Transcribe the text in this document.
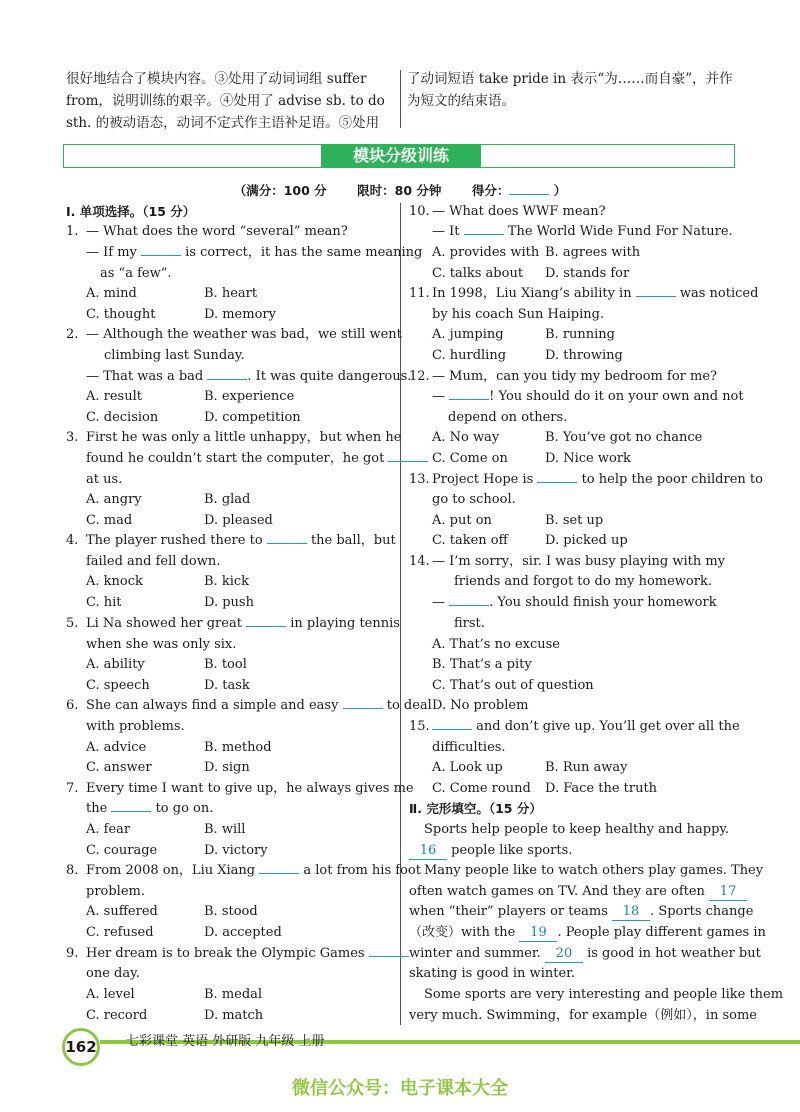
很好地结合了模块内容。③处用了动词词组 suffer
from，说明训练的艰辛。④处用了 advise sb. to do
sth. 的被动语态，动词不定式作主语补足语。⑤处用
了动词短语 take pride in 表示“为……而自豪”，并作
为短文的结束语。
模块分级训练
（满分：100 分 限时：80 分钟 得分：	）
Ⅰ. 单项选择。（15 分）
1. — What does the word “several” mean?
— If my	is correct，it has the same meaning
as “a few”.
A. mind	B. heart
C. thought	D. memory
2. — Although the weather was bad，we still went
climbing last Sunday.
— That was a bad	. It was quite dangerous.
A. result	B. experience
C. decision	D. competition
3. First he was only a little unhappy，but when he
found he couldn’t start the computer，he got
at us.
A. angry	B. glad
C. mad	D. pleased
4. The player rushed there to	the ball，but
failed and fell down.
A. knock	B. kick
C. hit	D. push
5. Li Na showed her great	in playing tennis
when she was only six.
A. ability	B. tool
C. speech	D. task
6. She can always find a simple and easy	to deal
with problems.
A. advice	B. method
C. answer	D. sign
7. Every time I want to give up，he always gives me
the	to go on.
A. fear	B. will
C. courage	D. victory
8. From 2008 on，Liu Xiang	a lot from his foot
problem.
A. suffered	B. stood
C. refused	D. accepted
9. Her dream is to break the Olympic Games
one day.
A. level	B. medal
C. record	D. match
10. — What does WWF mean?
— It	The World Wide Fund For Nature.
A. provides with B. agrees with
C. talks about D. stands for
11. In 1998，Liu Xiang’s ability in	was noticed
by his coach Sun Haiping.
A. jumping	B. running
C. hurdling	D. throwing
12. — Mum，can you tidy my bedroom for me?
—	! You should do it on your own and not
depend on others.
A. No way	B. You’ve got no chance
C. Come on	D. Nice work
13. Project Hope is	to help the poor children to
go to school.
A. put on	B. set up
C. taken off	D. picked up
14. — I’m sorry，sir. I was busy playing with my
friends and forgot to do my homework.
—	. You should finish your homework
first.
A. That’s no excuse
B. That’s a pity
C. That’s out of question
D. No problem
15.	and don’t give up. You’ll get over all the
difficulties.
A. Look up	B. Run away
C. Come round D. Face the truth
Ⅱ. 完形填空。（15 分）
Sports help people to keep healthy and happy.
16 people like sports.
Many people like to watch others play games. They
often watch games on TV. And they are often 17
when “their” players or teams 18 . Sports change
（改变）with the 19 . People play different games in
winter and summer. 20 is good in hot weather but
skating is good in winter.
Some sports are very interesting and people like them
very much. Swimming，for example（例如），in some
162 七彩课堂 英语 外研版 九年级 上册
微信公众号：电子课本大全
